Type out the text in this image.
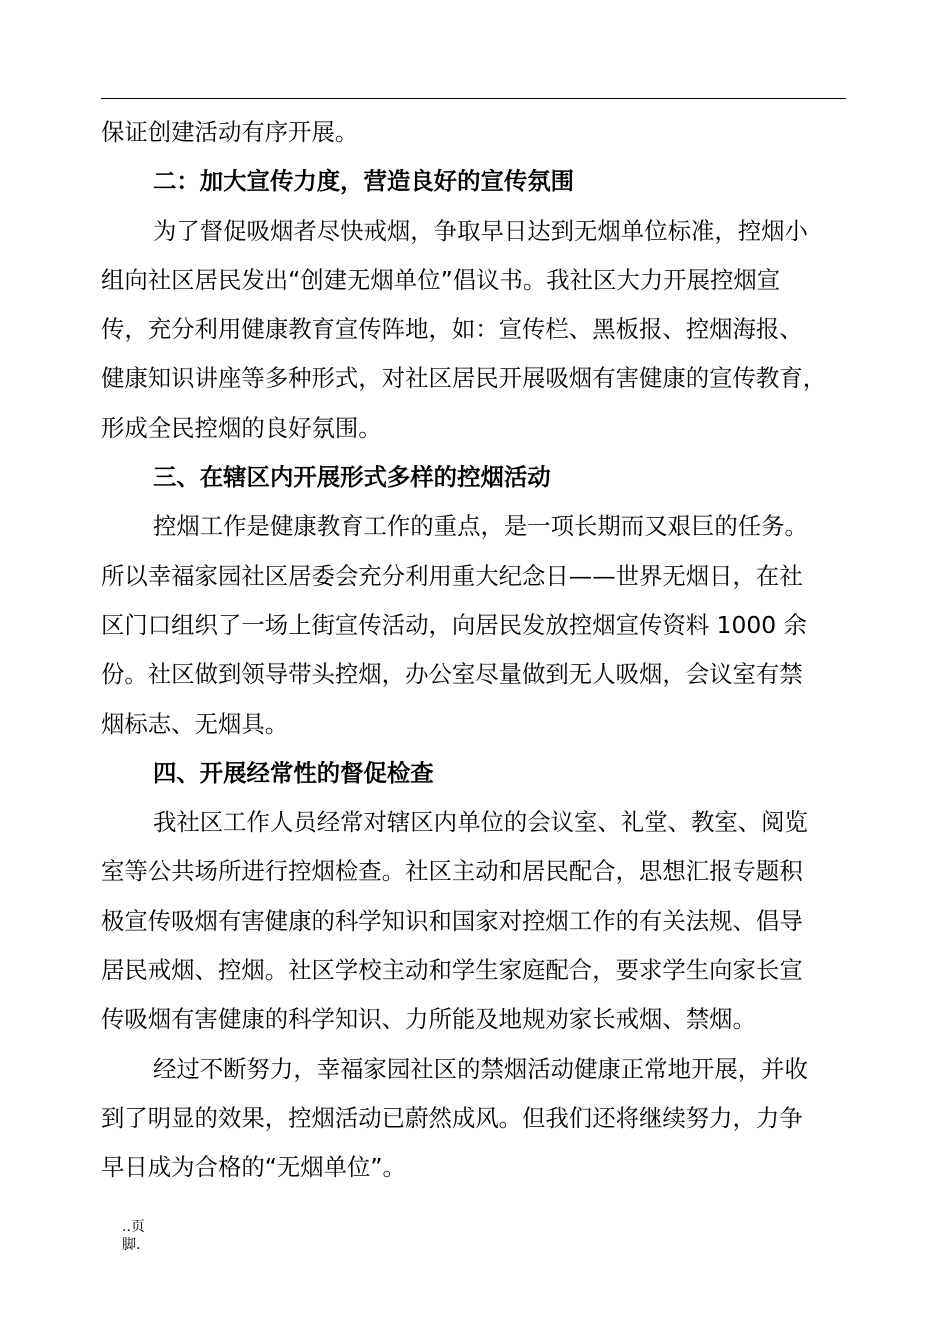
保证创建活动有序开展。
二：加大宣传力度，营造良好的宣传氛围
为了督促吸烟者尽快戒烟，争取早日达到无烟单位标准，控烟小
组向社区居民发出“创建无烟单位”倡议书。我社区大力开展控烟宣
传，充分利用健康教育宣传阵地，如：宣传栏、黑板报、控烟海报、
健康知识讲座等多种形式，对社区居民开展吸烟有害健康的宣传教育，
形成全民控烟的良好氛围。
三、在辖区内开展形式多样的控烟活动
控烟工作是健康教育工作的重点，是一项长期而又艰巨的任务。
所以幸福家园社区居委会充分利用重大纪念日——世界无烟日，在社
区门口组织了一场上街宣传活动，向居民发放控烟宣传资料 1000 余
份。社区做到领导带头控烟，办公室尽量做到无人吸烟，会议室有禁
烟标志、无烟具。
四、开展经常性的督促检查
我社区工作人员经常对辖区内单位的会议室、礼堂、教室、阅览
室等公共场所进行控烟检查。社区主动和居民配合，思想汇报专题积
极宣传吸烟有害健康的科学知识和国家对控烟工作的有关法规、倡导
居民戒烟、控烟。社区学校主动和学生家庭配合，要求学生向家长宣
传吸烟有害健康的科学知识、力所能及地规劝家长戒烟、禁烟。
经过不断努力，幸福家园社区的禁烟活动健康正常地开展，并收
到了明显的效果，控烟活动已蔚然成风。但我们还将继续努力，力争
早日成为合格的“无烟单位”。
..页
脚.
